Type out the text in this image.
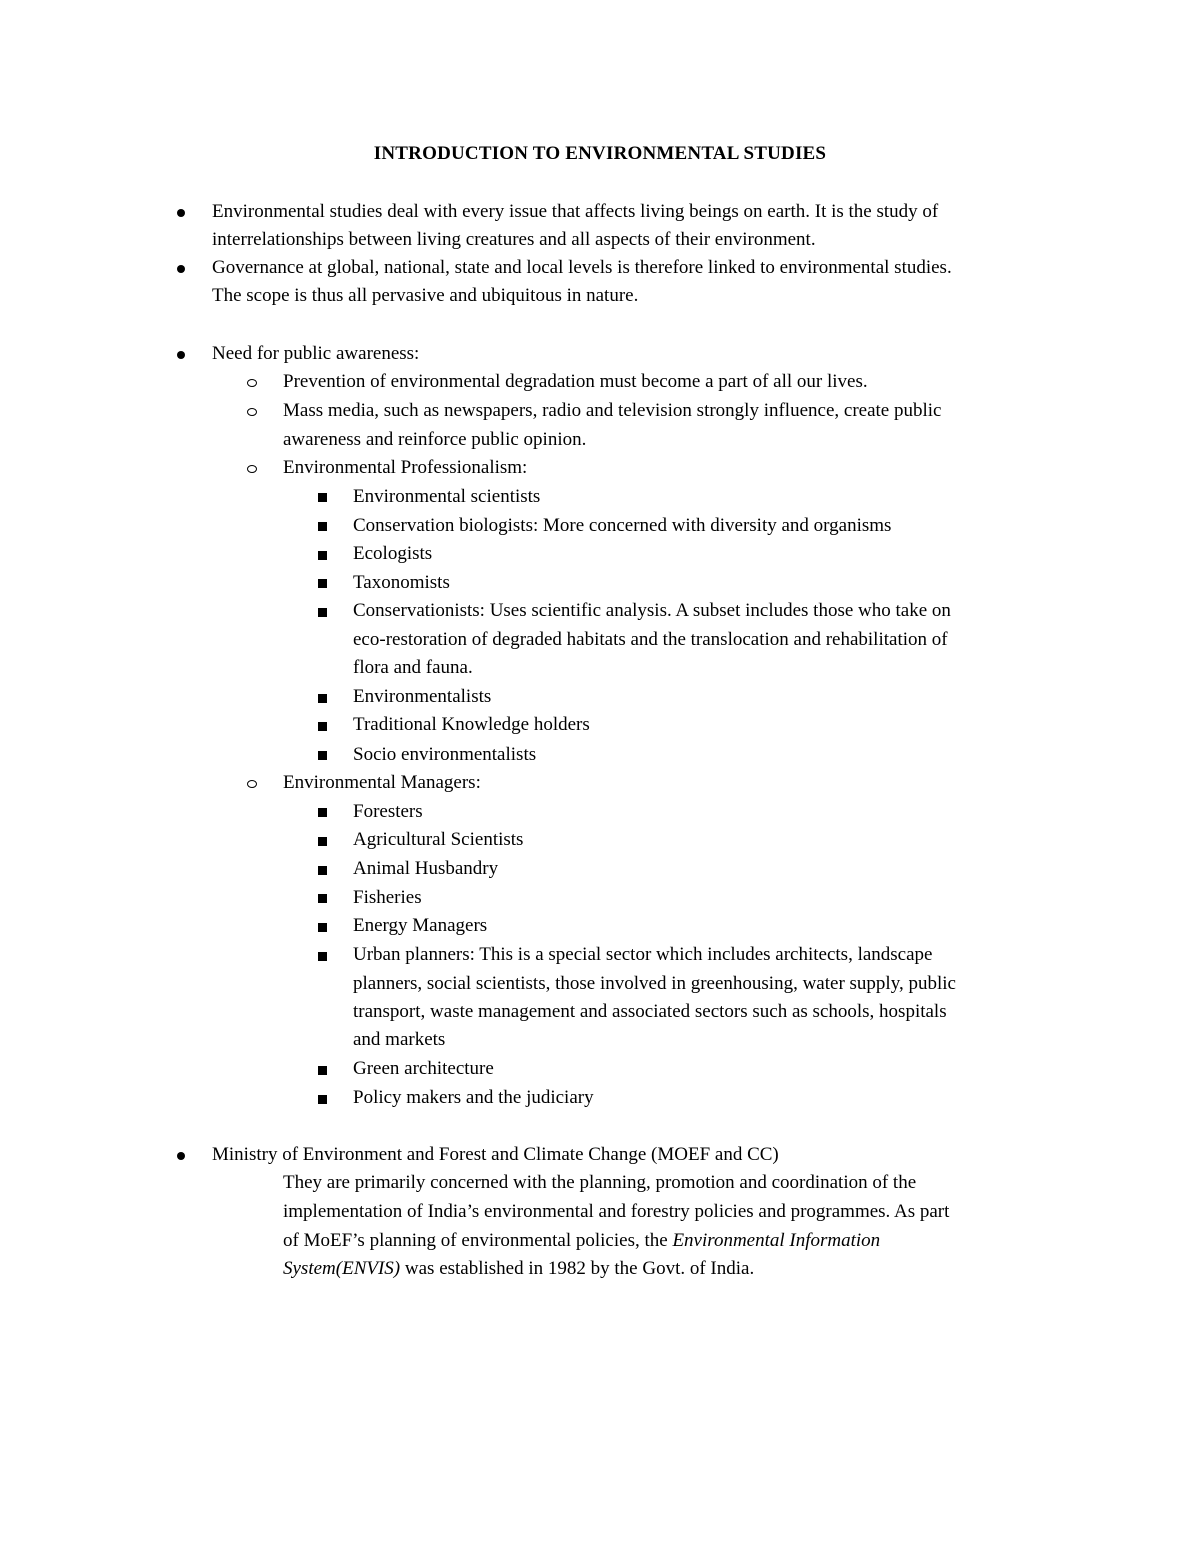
INTRODUCTION TO ENVIRONMENTAL STUDIES
Environmental studies deal with every issue that affects living beings on earth. It is the study of
interrelationships between living creatures and all aspects of their environment.
Governance at global, national, state and local levels is therefore linked to environmental studies.
The scope is thus all pervasive and ubiquitous in nature.
Need for public awareness:
Prevention of environmental degradation must become a part of all our lives.
Mass media, such as newspapers, radio and television strongly influence, create public
awareness and reinforce public opinion.
Environmental Professionalism:
Environmental scientists
Conservation biologists: More concerned with diversity and organisms
Ecologists
Taxonomists
Conservationists: Uses scientific analysis. A subset includes those who take on
eco-restoration of degraded habitats and the translocation and rehabilitation of
flora and fauna.
Environmentalists
Traditional Knowledge holders
Socio environmentalists
Environmental Managers:
Foresters
Agricultural Scientists
Animal Husbandry
Fisheries
Energy Managers
Urban planners: This is a special sector which includes architects, landscape
planners, social scientists, those involved in greenhousing, water supply, public
transport, waste management and associated sectors such as schools, hospitals
and markets
Green architecture
Policy makers and the judiciary
Ministry of Environment and Forest and Climate Change (MOEF and CC)
They are primarily concerned with the planning, promotion and coordination of the
implementation of India’s environmental and forestry policies and programmes. As part
of MoEF’s planning of environmental policies, the Environmental Information
System(ENVIS) was established in 1982 by the Govt. of India.
